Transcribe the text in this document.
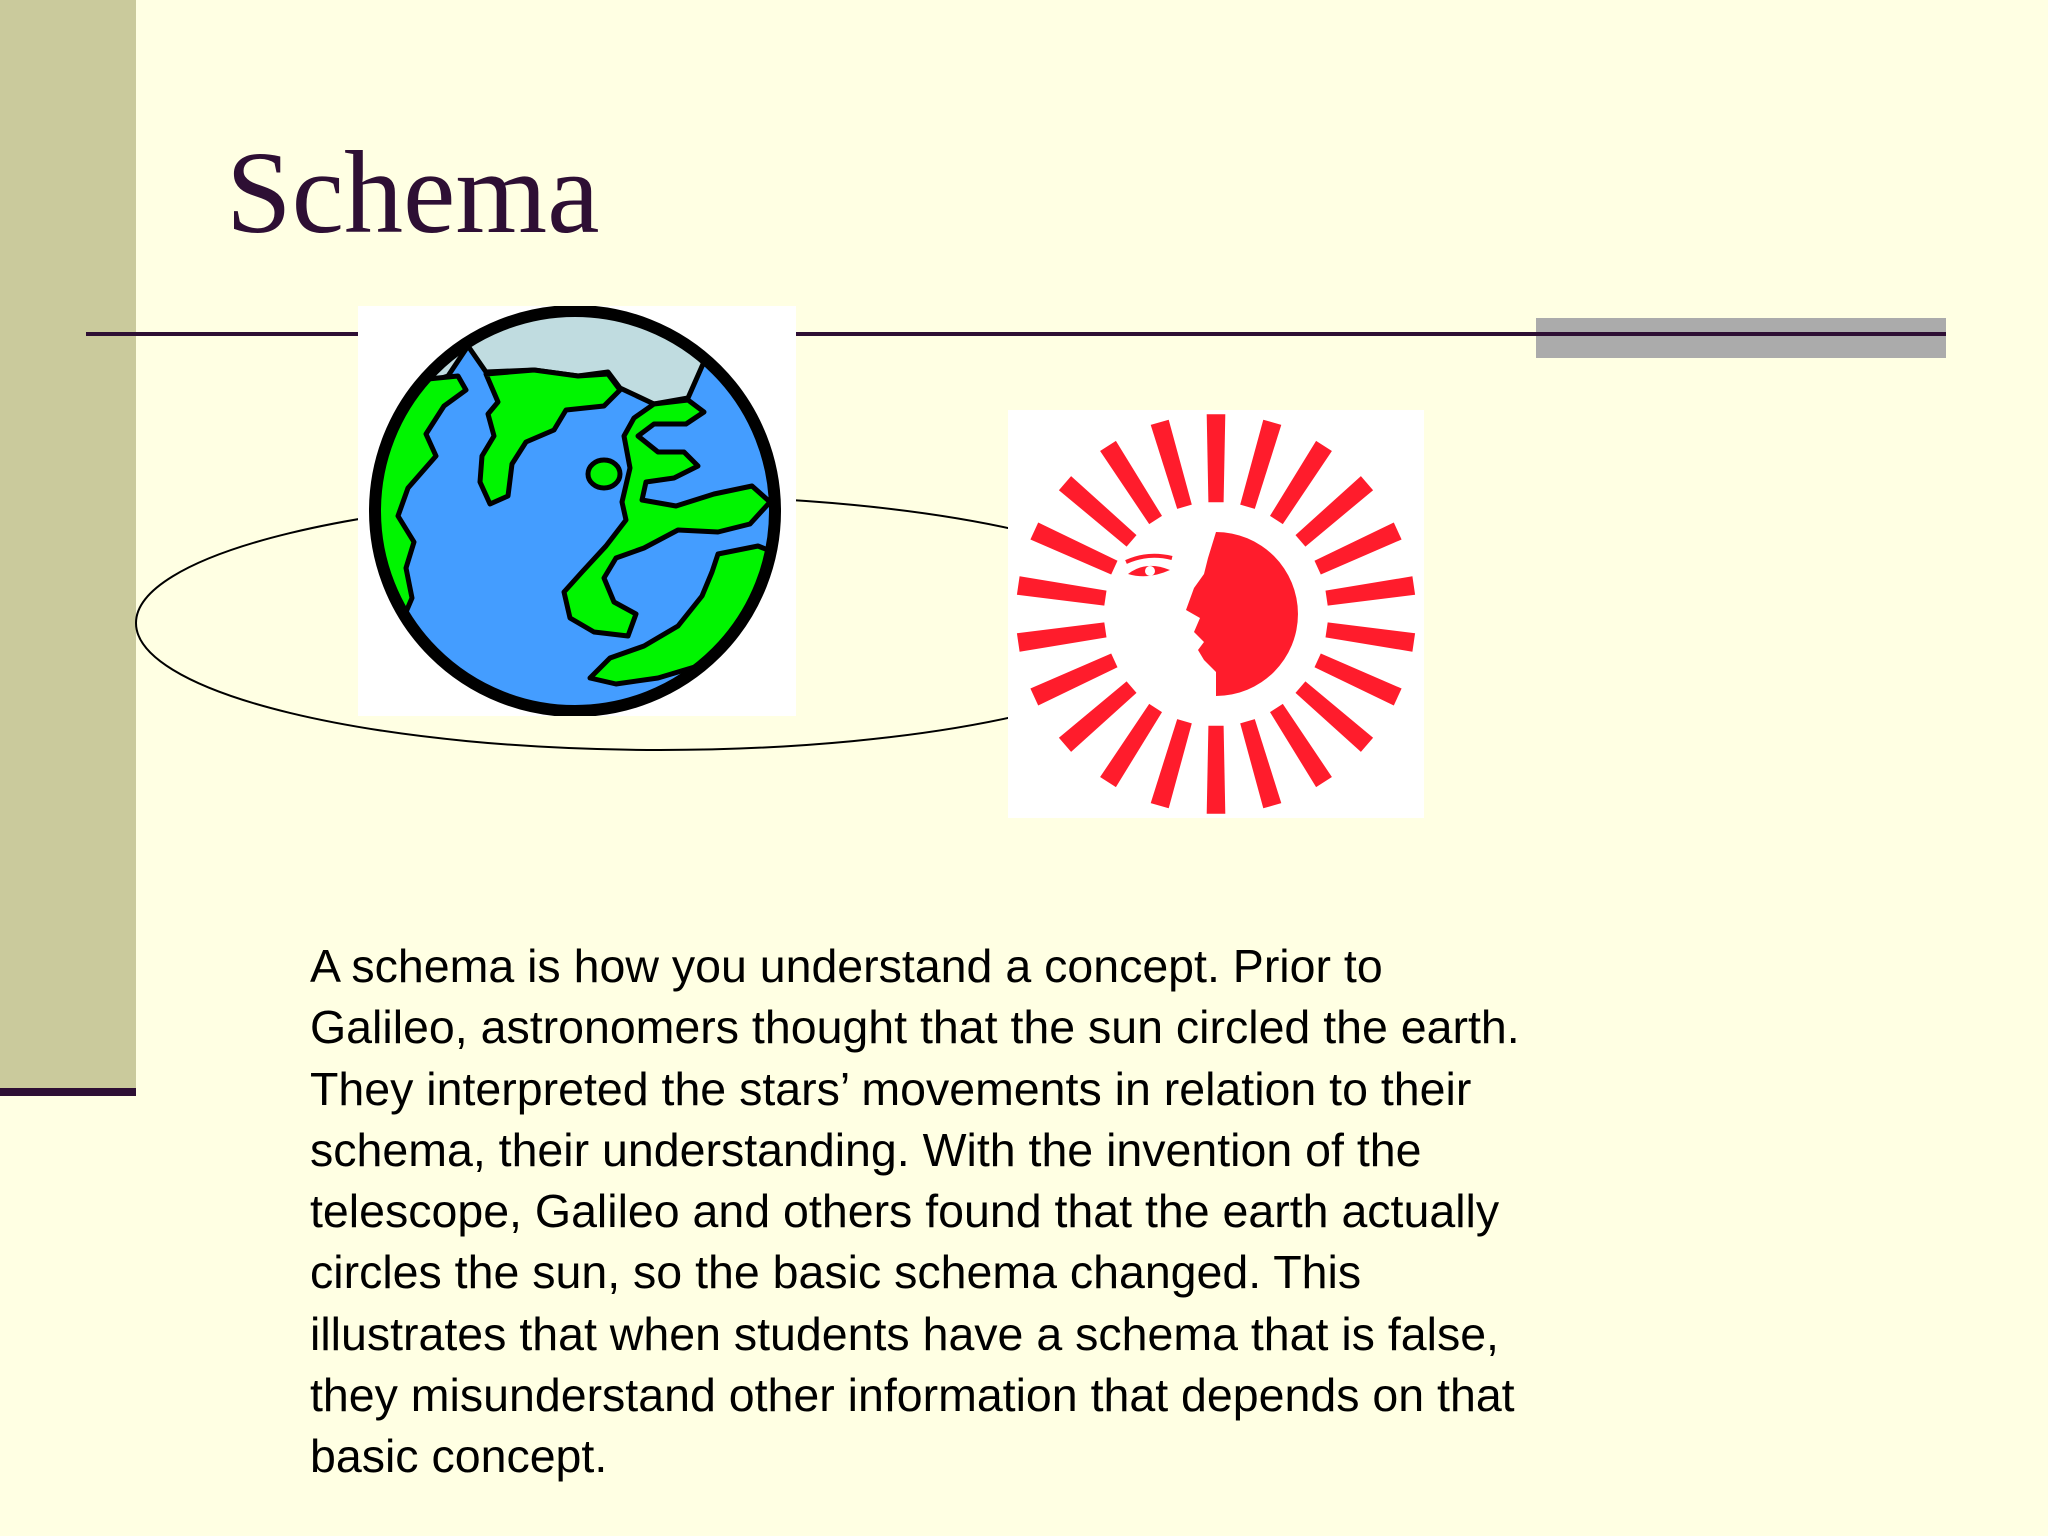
Schema

A schema is how you understand a concept. Prior to
Galileo, astronomers thought that the sun circled the earth.
They interpreted the stars’ movements in relation to their
schema, their understanding. With the invention of the
telescope, Galileo and others found that the earth actually
circles the sun, so the basic schema changed. This
illustrates that when students have a schema that is false,
they misunderstand other information that depends on that
basic concept.
